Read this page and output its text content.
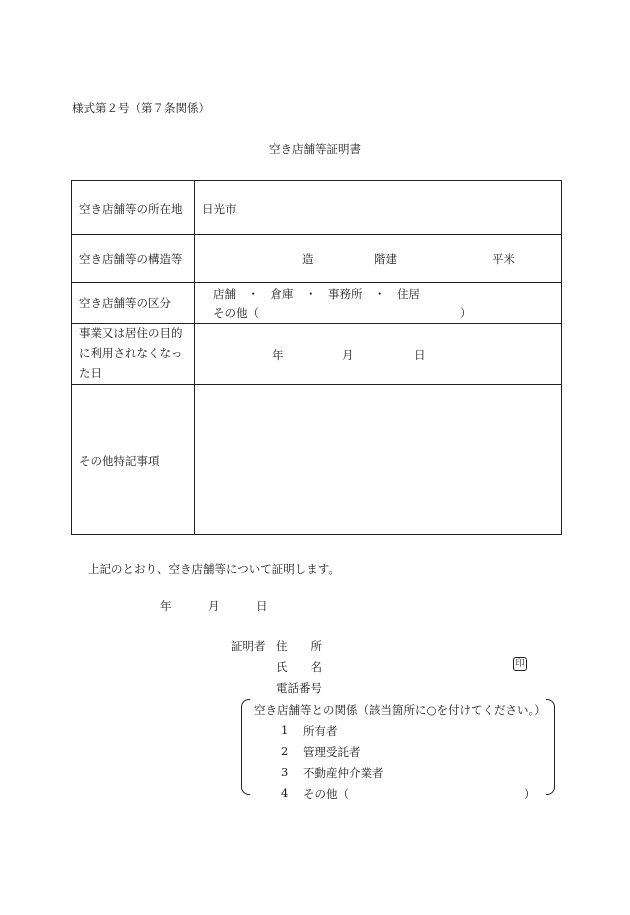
様式第２号（第７条関係）
空き店舗等証明書
空き店舗等の所在地 日光市
空き店舗等の構造等	造	階建	平米
空き店舗等の区分
店舗　・　倉庫　・　事務所　・　住居
その他（	）
事業又は居住の目的
に利用されなくなっ
た日
年	月	日
その他特記事項
上記のとおり、空き店舗等について証明します。
年	月	日
証明者 住　　所
氏　　名	印
電話番号
空き店舗等との関係（該当箇所に○を付けてください。）
1 所有者
2 管理受託者
3 不動産仲介業者
4 その他（	）
